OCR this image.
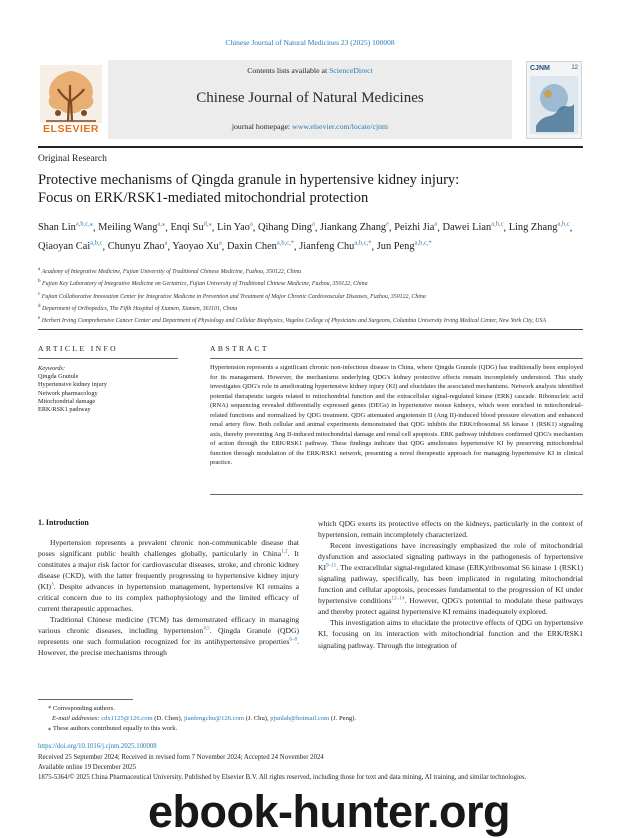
Chinese Journal of Natural Medicines 23 (2025) 100008
ELSEVIER
Contents lists available at ScienceDirect
Chinese Journal of Natural Medicines
journal homepage: www.elsevier.com/locate/cjnm
CJNM	12
Original Research
Protective mechanisms of Qingda granule in hypertensive kidney injury:
Focus on ERK/RSK1-mediated mitochondrial protection
Shan Lin$^{a,b,c,⁎}$, Meiling Wang$^{a,⁎}$, Enqi $Su^{d,⁎}$, Lin Yao$^a$, Qihang Ding$^a$, Jiankang Zhang$^e$, Peizhi Jia$^a$, Dawei Lian$^{a,b,c}$, Ling Zhang$^{a,b,c}$, Qiaoyan Cai$^{a,b,c}$, Chunyu Zhao$^a$, Yaoyao Xu$^a$, Daxin Chen$^{a,b,c,*}$, Jianfeng Chu$^{a,b,c,*}$, Jun Peng$^{a,b,c,*}$
$^a$ Academy of Integrative Medicine, Fujian University of Traditional Chinese Medicine, Fuzhou, 350122, China
$^b$ Fujian Key Laboratory of Integrative Medicine on Geriatrics, Fujian University of Traditional Chinese Medicine, Fuzhou, 350122, China
$^c$ Fujian Collaborative Innovation Center for Integrative Medicine in Prevention and Treatment of Major Chronic Cardiovascular Diseases, Fuzhou, 350122, China
$^d$ Department of Orthopedics, The Fifth Hospital of Xiamen, Xiamen, 361101, China
$^e$ Herbert Irving Comprehensive Cancer Center and Department of Physiology and Cellular Biophysics, Vagelos College of Physicians and Surgeons, Columbia University Irving Medical Center, New York City, USA
ARTICLE INFO	ABSTRACT
Keywords:
Qingda Granule
Hypertensive kidney injury
Network pharmacology
Mitochondrial damage
ERK/RSK1 pathway
Hypertension represents a significant chronic non-infectious disease in China, where Qingda Granule (QDG) has traditionally been employed for its management. However, the mechanisms underlying QDG's kidney protective effects remain incompletely understood. This study investigates QDG's role in ameliorating hypertensive kidney injury (KI) and elucidates the associated mechanisms. Network analysis identified potential therapeutic targets related to mitochondrial function and the extracellular signal-regulated kinase (ERK) cascade. Ribonucleic acid (RNA) sequencing revealed differentially expressed genes (DEGs) in hypertensive mouse kidneys, which were enriched in mitochondrial-related functions and normalized by QDG treatment. QDG attenuated angiotensin II (Ang II)-induced blood pressure elevation and enhanced renal artery flow. Both cellular and animal experiments demonstrated that QDG inhibits the ERK/ribosomal S6 kinase 1 (RSK1) signaling axis, thereby preventing Ang II-induced mitochondrial damage and renal cell apoptosis. ERK pathway inhibitors confirmed QDG's mechanism of action through the ERK/RSK1 pathway. These findings indicate that QDG ameliorates hypertensive KI by preserving mitochondrial function through modulation of the ERK/RSK1 network, presenting a novel therapeutic approach for managing hypertensive KI in clinical practice.
1. Introduction

Hypertension represents a prevalent chronic non-communicable disease that poses significant public health challenges globally, particularly in China$^{1,2}$. It constitutes a major risk factor for cardiovascular diseases, stroke, and chronic kidney disease (CKD), with the latter frequently progressing to hypertensive kidney injury (KI)$^3$. Despite advances in hypertension management, hypertensive KI remains a critical concern due to its complex pathophysiology and the limited efficacy of current therapeutic approaches.

Traditional Chinese medicine (TCM) has demonstrated efficacy in managing various chronic diseases, including hypertension$^{4,5}$. Qingda Granule (QDG) represents one such formulation recognized for its antihypertensive properties$^{6-8}$. However, the precise mechanisms through

which QDG exerts its protective effects on the kidneys, particularly in the context of hypertension, remain incompletely characterized.

Recent investigations have increasingly emphasized the role of mitochondrial dysfunction and associated signaling pathways in the pathogenesis of hypertensive KI$^{9-11}$. The extracellular signal-regulated kinase (ERK)/ribosomal S6 kinase 1 (RSK1) signaling pathway, specifically, has been implicated in regulating mitochondrial function and cellular apoptosis, processes fundamental to the progression of KI under hypertensive conditions$^{12-14}$. However, QDG's potential to modulate these pathways and thereby protect against hypertensive KI remains inadequately explored.

This investigation aims to elucidate the protective effects of QDG on hypertensive KI, focusing on its interaction with mitochondrial function and the ERK/RSK1 signaling pathway. Through the integration of

* Corresponding authors.
E-mail addresses: cdx1125@126.com (D. Chen), jianfengchu@126.com (J. Chu), pjunlab@hotmail.com (J. Peng).
⁎ These authors contributed equally to this work.
https://doi.org/10.1016/j.cjnm.2025.100008
Received 25 September 2024; Received in revised form 7 November 2024; Accepted 24 November 2024
Available online 19 December 2025
1875-5364/© 2025 China Pharmaceutical University. Published by Elsevier B.V. All rights reserved, including those for text and data mining, AI training, and similar technologies.
ebook-hunter.org
